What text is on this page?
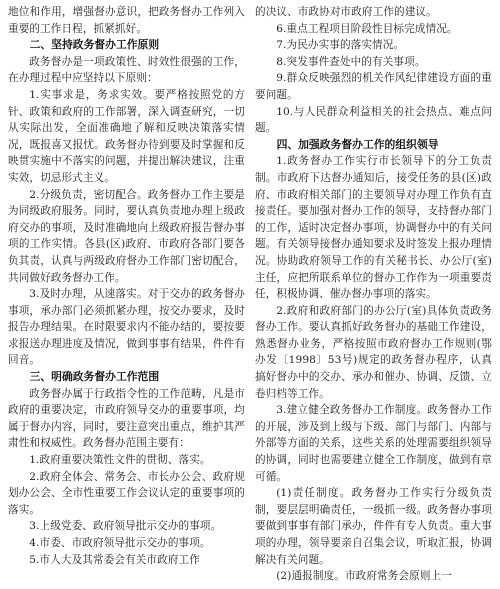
地位和作用，增强督办意识，把政务督办工作列入重要的工作日程，抓紧抓好。

二、坚持政务督办工作原则

政务督办是一项政策性、时效性很强的工作，在办理过程中应坚持以下原则：

1.实事求是，务求实效。要严格按照党的方针、政策和政府的工作部署，深入调查研究，一切从实际出发，全面准确地了解和反映决策落实情况，既报喜又报忧。政务督办待到要及时掌握和反映贯实施中不落实的问题，并提出解决建议，注重实效，切忌形式主义。

2.分级负责，密切配合。政务督办工作主要是为同级政府服务。同时，要认真负责地办理上级政府交办的事项，及时准确地向上级政府报告督办事项的工作实情。各县(区)政府、市政府各部门要各负其责，认真与两级政府督办工作部门密切配合，共同做好政务督办工作。

3.及时办理，从速落实。对于交办的政务督办事项，承办部门必须抓紧办理，按交办要求，及时报告办理结果。在时限要求内不能办结的，要按要求报送办理进度及情况，做到事事有结果，件件有回音。

三、明确政务督办工作范围

政务督办属于行政指令性的工作范畴，凡是市政府的重要决定，市政府领导交办的重要事项，均属于督办内容，同时，要注意突出重点，维护其严肃性和权威性。政务督办范围主要有：

1.政府重要决策性文件的贯彻、落实。

2.政府全体会、常务会、市长办公会、政府规划办公会、全市性重要工作会议认定的重要事项的落实。

3.上级党委、政府领导批示交办的事项。

4.市委、市政府领导批示交办的事项。

5.市人大及其常委会有关市政府工作

的决议、市政协对市政府工作的建议。

6.重点工程项目阶段性目标完成情况。

7.为民办实事的落实情况。

8.突发事件查处中的有关事项。

9.群众反映强烈的机关作风纪律建设方面的重要问题。

10.与人民群众利益相关的社会热点、难点问题。

四、加强政务督办工作的组织领导

1.政务督办工作实行市长领导下的分工负责制。市政府下达督办通知后，接受任务的县(区)政府、市政府相关部门的主要领导对办理工作负有直接责任。要加强对督办工作的领导，支持督办部门的工作，适时决定督办事项，协调督办中的有关问题。有关领导接督办通知要求及时签发上报办理情况。协助政府领导工作的有关秘书长、办公厅(室)主任，应把所联系单位的督办工作作为一项重要责任，积极协调、催办督办事项的落实。

2.政府和政府部门的办公厅(室)具体负责政务督办工作。要认真抓好政务督办的基础工作建设，熟悉督办业务，严格按照市政府督办工作规则(鄂办发〔1998〕53号)规定的政务督办程序，认真搞好督办中的交办、承办和催办、协调、反馈、立卷归档等工作。

3.建立健全政务督办工作制度。政务督办工作的开展，涉及到上级与下级、部门与部门、内部与外部等方面的关系，这些关系的处理需要组织领导的协调，同时也需要建立健全工作制度，做到有章可循。

(1)责任制度。政务督办工作实行分级负责制，要层层明确责任，一级抓一级。政务督办事项要做到事事有部门承办，件件有专人负责。重大事项的办理，领导要亲自召集会议，听取汇报，协调解决有关问题。

(2)通报制度。市政府常务会原则上一
